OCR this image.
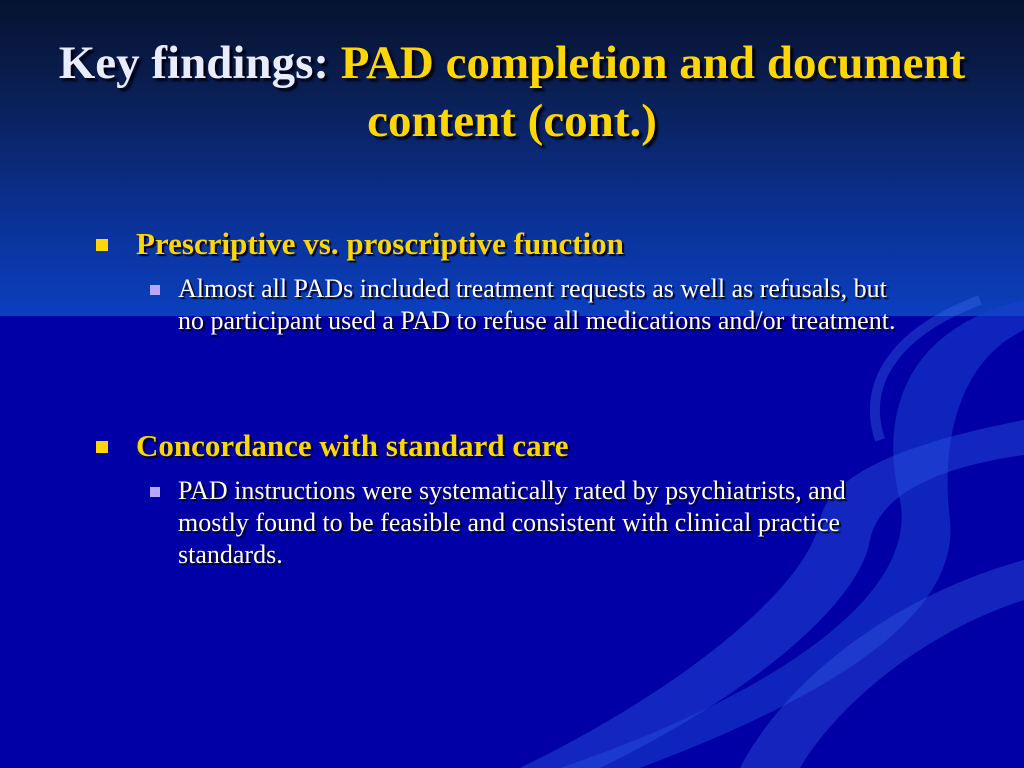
Key findings: PAD completion and document content (cont.)
Prescriptive vs. proscriptive function
Almost all PADs included treatment requests as well as refusals, but no participant used a PAD to refuse all medications and/or treatment.
Concordance with standard care
PAD instructions were systematically rated by psychiatrists, and mostly found to be feasible and consistent with clinical practice standards.
